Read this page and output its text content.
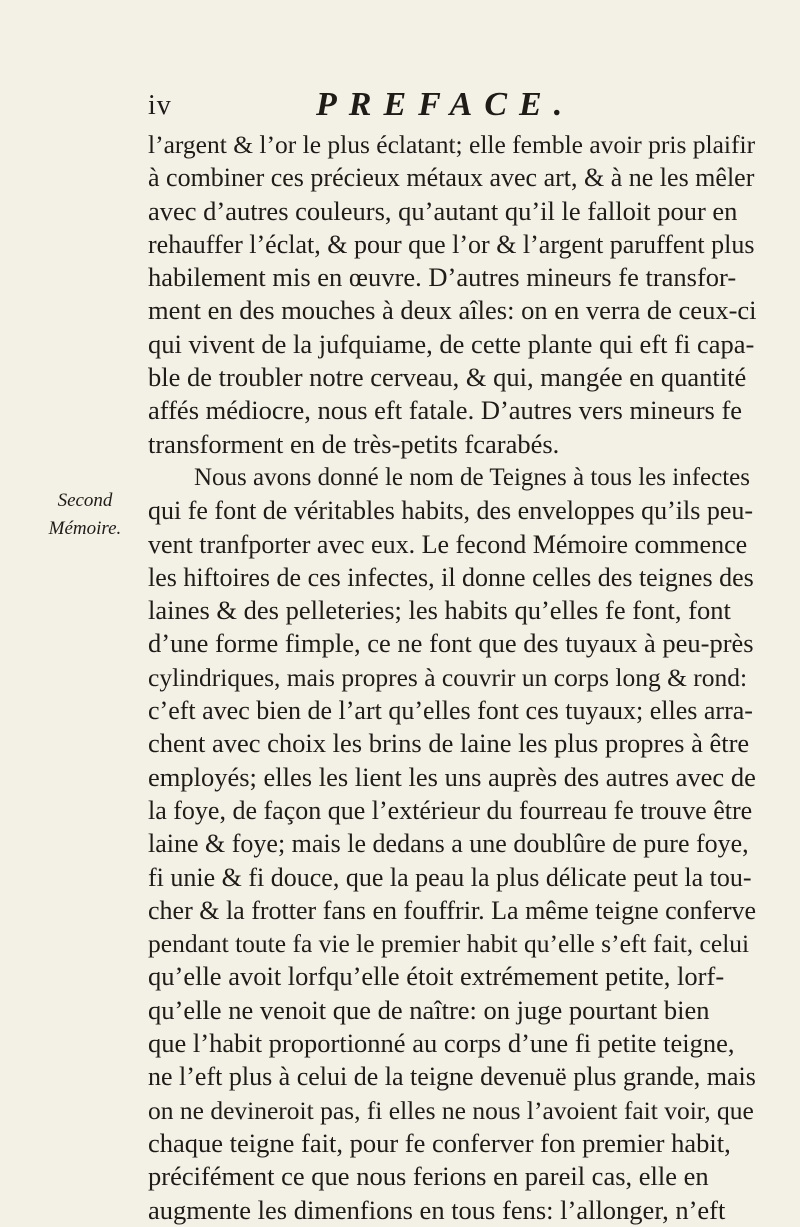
iv	PREFACE.
Second
Mémoire.
l’argent & l’or le plus éclatant; elle femble avoir pris plaifir
à combiner ces précieux métaux avec art, & à ne les mêler
avec d’autres couleurs, qu’autant qu’il le falloit pour en
rehauffer l’éclat, & pour que l’or & l’argent paruffent plus
habilement mis en œuvre. D’autres mineurs fe transfor-
ment en des mouches à deux aîles: on en verra de ceux-ci
qui vivent de la jufquiame, de cette plante qui eft fi capa-
ble de troubler notre cerveau, & qui, mangée en quantité
affés médiocre, nous eft fatale. D’autres vers mineurs fe
transforment en de très-petits fcarabés.
Nous avons donné le nom de Teignes à tous les infectes
qui fe font de véritables habits, des enveloppes qu’ils peu-
vent tranfporter avec eux. Le fecond Mémoire commence
les hiftoires de ces infectes, il donne celles des teignes des
laines & des pelleteries; les habits qu’elles fe font, font
d’une forme fimple, ce ne font que des tuyaux à peu-près
cylindriques, mais propres à couvrir un corps long & rond:
c’eft avec bien de l’art qu’elles font ces tuyaux; elles arra-
chent avec choix les brins de laine les plus propres à être
employés; elles les lient les uns auprès des autres avec de
la foye, de façon que l’extérieur du fourreau fe trouve être
laine & foye; mais le dedans a une doublûre de pure foye,
fi unie & fi douce, que la peau la plus délicate peut la tou-
cher & la frotter fans en fouffrir. La même teigne conferve
pendant toute fa vie le premier habit qu’elle s’eft fait, celui
qu’elle avoit lorfqu’elle étoit extrémement petite, lorf-
qu’elle ne venoit que de naître: on juge pourtant bien
que l’habit proportionné au corps d’une fi petite teigne,
ne l’eft plus à celui de la teigne devenuë plus grande, mais
on ne devineroit pas, fi elles ne nous l’avoient fait voir, que
chaque teigne fait, pour fe conferver fon premier habit,
précifément ce que nous ferions en pareil cas, elle en
augmente les dimenfions en tous fens: l’allonger, n’eft
